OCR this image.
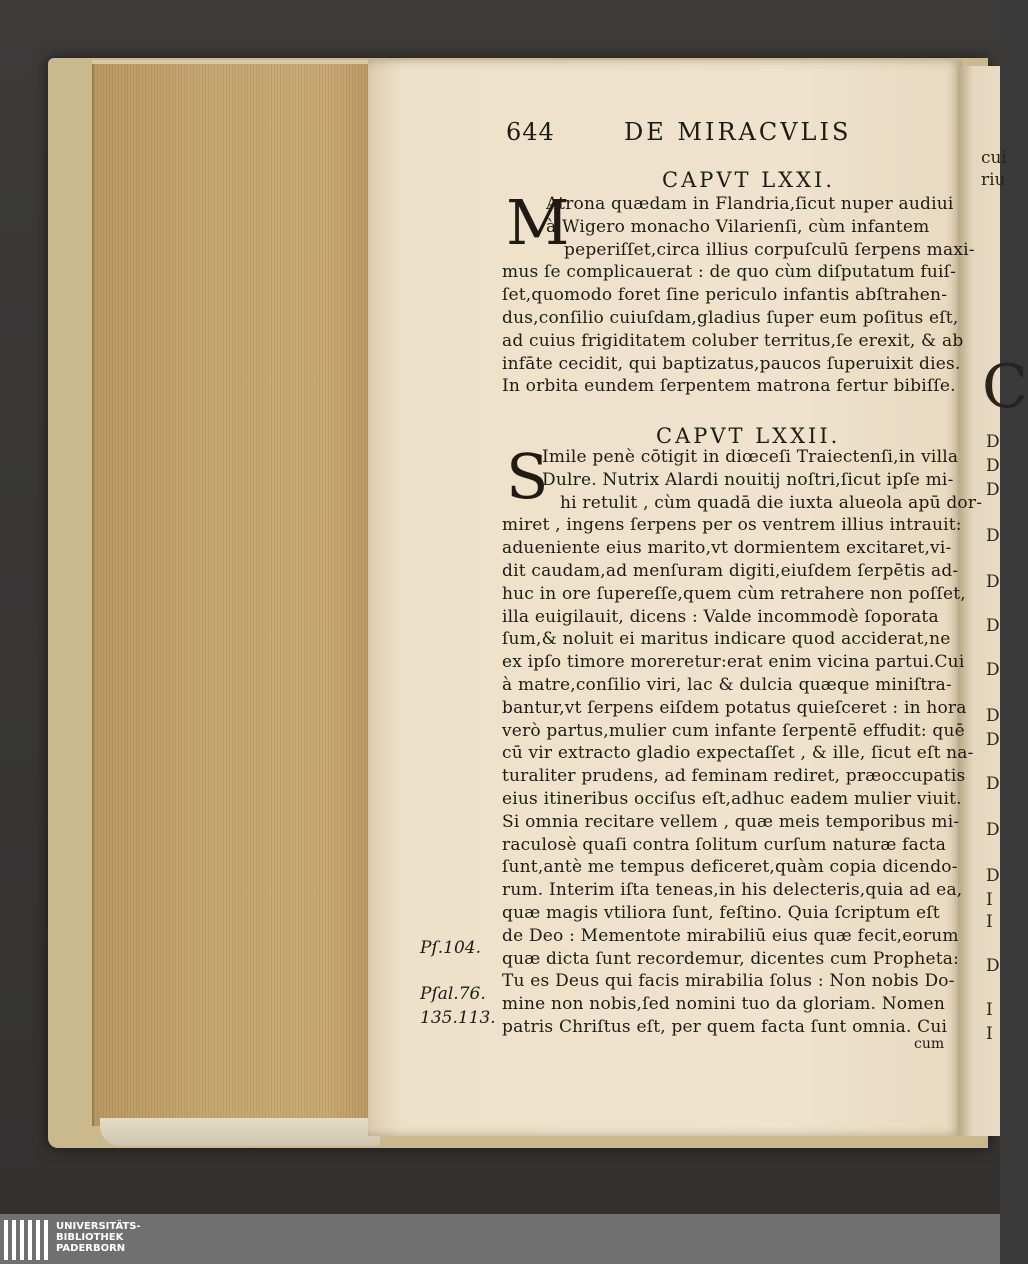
644	DE MIRACVLIS
CAPVT LXXI.
M
Atrona quædam in Flandria,ſicut nuper audiui
à Wigero monacho Vilarienſi, cùm infantem
peperiſſet,circa illius corpuſculū ſerpens maxi-
mus ſe complicauerat : de quo cùm diſputatum fuiſ-
ſet,quomodo foret ſine periculo infantis abſtrahen-
dus,conſilio cuiuſdam,gladius ſuper eum poſitus eſt,
ad cuius frigiditatem coluber territus,ſe erexit, & ab
infāte cecidit, qui baptizatus,paucos ſuperuixit dies.
In orbita eundem ſerpentem matrona fertur bibiſſe.
CAPVT LXXII.
S
Imile penè cōtigit in diœceſi Traiectenſi,in villa
Dulre. Nutrix Alardi nouitij noſtri,ſicut ipſe mi-
hi retulit , cùm quadā die iuxta alueola apū dor-
miret , ingens ſerpens per os ventrem illius intrauit:
adueniente eius marito,vt dormientem excitaret,vi-
dit caudam,ad menſuram digiti,eiuſdem ſerpētis ad-
huc in ore ſupereſſe,quem cùm retrahere non poſſet,
illa euigilauit, dicens : Valde incommodè ſoporata
ſum,& noluit ei maritus indicare quod acciderat,ne
ex ipſo timore moreretur:erat enim vicina partui.Cui
à matre,conſilio viri, lac & dulcia quæque miniſtra-
bantur,vt ſerpens eiſdem potatus quieſceret : in hora
verò partus,mulier cum infante ſerpentē effudit: quē
cū vir extracto gladio expectaſſet , & ille, ſicut eſt na-
turaliter prudens, ad feminam rediret, præoccupatis
eius itineribus occiſus eſt,adhuc eadem mulier viuit.
Si omnia recitare vellem , quæ meis temporibus mi-
raculosè quaſi contra ſolitum curſum naturæ facta
ſunt,antè me tempus deficeret,quàm copia dicendo-
rum. Interim iſta teneas,in his delecteris,quia ad ea,
quæ magis vtiliora ſunt, feſtino. Quia ſcriptum eſt
de Deo : Mementote mirabiliū eius quæ fecit,eorum
quæ dicta ſunt recordemur, dicentes cum Propheta:
Tu es Deus qui facis mirabilia ſolus : Non nobis Do-
mine non nobis,ſed nomini tuo da gloriam. Nomen
patris Chriſtus eſt, per quem facta ſunt omnia. Cui
cum
Pſ.104.
Pſal.76.
135.113.
cui
riu
C
D
D
D
D
D
D
D
D
D
D
D
D
I
I
D
I
I
UNIVERSITÄTS-
BIBLIOTHEK
PADERBORN
